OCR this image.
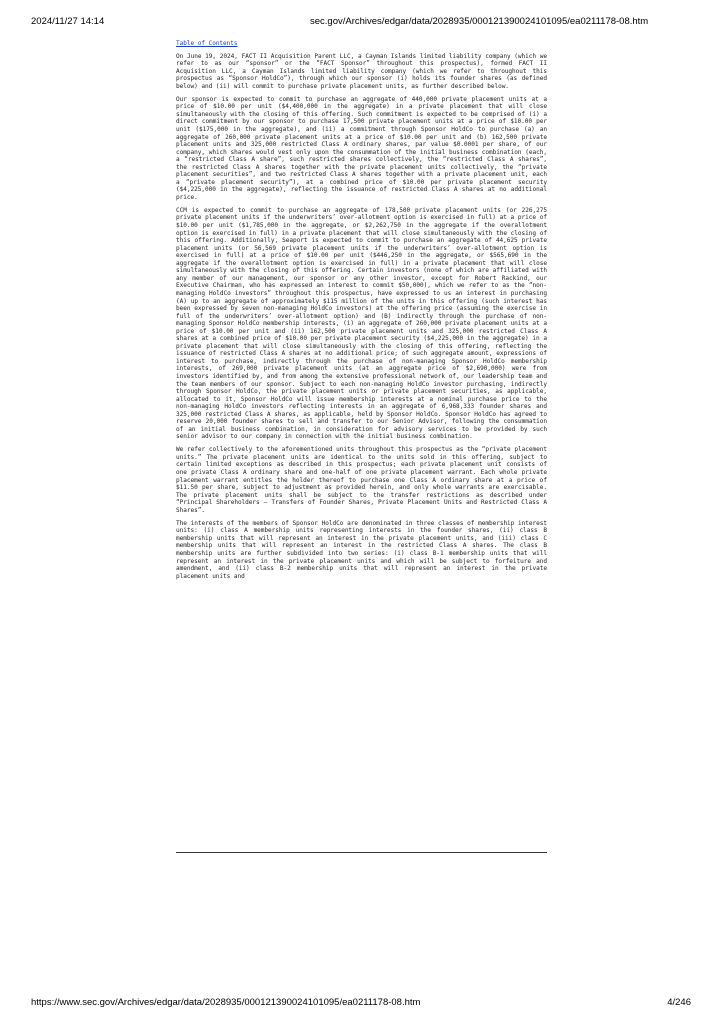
2024/11/27 14:14	sec.gov/Archives/edgar/data/2028935/000121390024101095/ea0211178-08.htm
Table of Contents

On June 19, 2024, FACT II Acquisition Parent LLC, a Cayman Islands limited liability company (which we refer to as our “sponsor” or the “FACT Sponsor” throughout this prospectus), formed FACT II Acquisition LLC, a Cayman Islands limited liability company (which we refer to throughout this prospectus as “Sponsor HoldCo”), through which our sponsor (i) holds its founder shares (as defined below) and (ii) will commit to purchase private placement units, as further described below.

Our sponsor is expected to commit to purchase an aggregate of 440,000 private placement units at a price of $10.00 per unit ($4,400,000 in the aggregate) in a private placement that will close simultaneously with the closing of this offering. Such commitment is expected to be comprised of (i) a direct commitment by our sponsor to purchase 17,500 private placement units at a price of $10.00 per unit ($175,000 in the aggregate), and (ii) a commitment through Sponsor HoldCo to purchase (a) an aggregate of 260,000 private placement units at a price of $10.00 per unit and (b) 162,500 private placement units and 325,000 restricted Class A ordinary shares, par value $0.0001 per share, of our company, which shares would vest only upon the consummation of the initial business combination (each, a “restricted Class A share”, such restricted shares collectively, the “restricted Class A shares”, the restricted Class A shares together with the private placement units collectively, the “private placement securities”, and two restricted Class A shares together with a private placement unit, each a “private placement security”), at a combined price of $10.00 per private placement security ($4,225,000 in the aggregate), reflecting the issuance of restricted Class A shares at no additional price.

CCM is expected to commit to purchase an aggregate of 178,500 private placement units (or 226,275 private placement units if the underwriters’ over-allotment option is exercised in full) at a price of $10.00 per unit ($1,785,000 in the aggregate, or $2,262,750 in the aggregate if the overallotment option is exercised in full) in a private placement that will close simultaneously with the closing of this offering. Additionally, Seaport is expected to commit to purchase an aggregate of 44,625 private placement units (or 56,569 private placement units if the underwriters’ over-allotment option is exercised in full) at a price of $10.00 per unit ($446,250 in the aggregate, or $565,690 in the aggregate if the overallotment option is exercised in full) in a private placement that will close simultaneously with the closing of this offering. Certain investors (none of which are affiliated with any member of our management, our sponsor or any other investor, except for Robert Rackind, our Executive Chairman, who has expressed an interest to commit $50,000), which we refer to as the “non-managing HoldCo investors” throughout this prospectus, have expressed to us an interest in purchasing (A) up to an aggregate of approximately $115 million of the units in this offering (such interest has been expressed by seven non-managing HoldCo investors) at the offering price (assuming the exercise in full of the underwriters’ over-allotment option) and (B) indirectly through the purchase of non-managing Sponsor HoldCo membership interests, (i) an aggregate of 260,000 private placement units at a price of $10.00 per unit and (ii) 162,500 private placement units and 325,000 restricted Class A shares at a combined price of $10.00 per private placement security ($4,225,000 in the aggregate) in a private placement that will close simultaneously with the closing of this offering, reflecting the issuance of restricted Class A shares at no additional price; of such aggregate amount, expressions of interest to purchase, indirectly through the purchase of non-managing Sponsor HoldCo membership interests, of 269,000 private placement units (at an aggregate price of $2,690,000) were from investors identified by, and from among the extensive professional network of, our leadership team and the team members of our sponsor. Subject to each non-managing HoldCo investor purchasing, indirectly through Sponsor HoldCo, the private placement units or private placement securities, as applicable, allocated to it, Sponsor HoldCo will issue membership interests at a nominal purchase price to the non-managing HoldCo investors reflecting interests in an aggregate of 6,968,333 founder shares and 325,000 restricted Class A shares, as applicable, held by Sponsor HoldCo. Sponsor HoldCo has agreed to reserve 20,000 founder shares to sell and transfer to our Senior Advisor, following the consummation of an initial business combination, in consideration for advisory services to be provided by such senior advisor to our company in connection with the initial business combination.

We refer collectively to the aforementioned units throughout this prospectus as the “private placement units.” The private placement units are identical to the units sold in this offering, subject to certain limited exceptions as described in this prospectus; each private placement unit consists of one private Class A ordinary share and one-half of one private placement warrant. Each whole private placement warrant entitles the holder thereof to purchase one Class A ordinary share at a price of $11.50 per share, subject to adjustment as provided herein, and only whole warrants are exercisable. The private placement units shall be subject to the transfer restrictions as described under “Principal Shareholders — Transfers of Founder Shares, Private Placement Units and Restricted Class A Shares”.

The interests of the members of Sponsor HoldCo are denominated in three classes of membership interest units: (i) class A membership units representing interests in the founder shares, (ii) class B membership units that will represent an interest in the private placement units, and (iii) class C membership units that will represent an interest in the restricted Class A shares. The class B membership units are further subdivided into two series: (i) class B-1 membership units that will represent an interest in the private placement units and which will be subject to forfeiture and amendment, and (ii) class B-2 membership units that will represent an interest in the private placement units and

https://www.sec.gov/Archives/edgar/data/2028935/000121390024101095/ea0211178-08.htm	4/246
